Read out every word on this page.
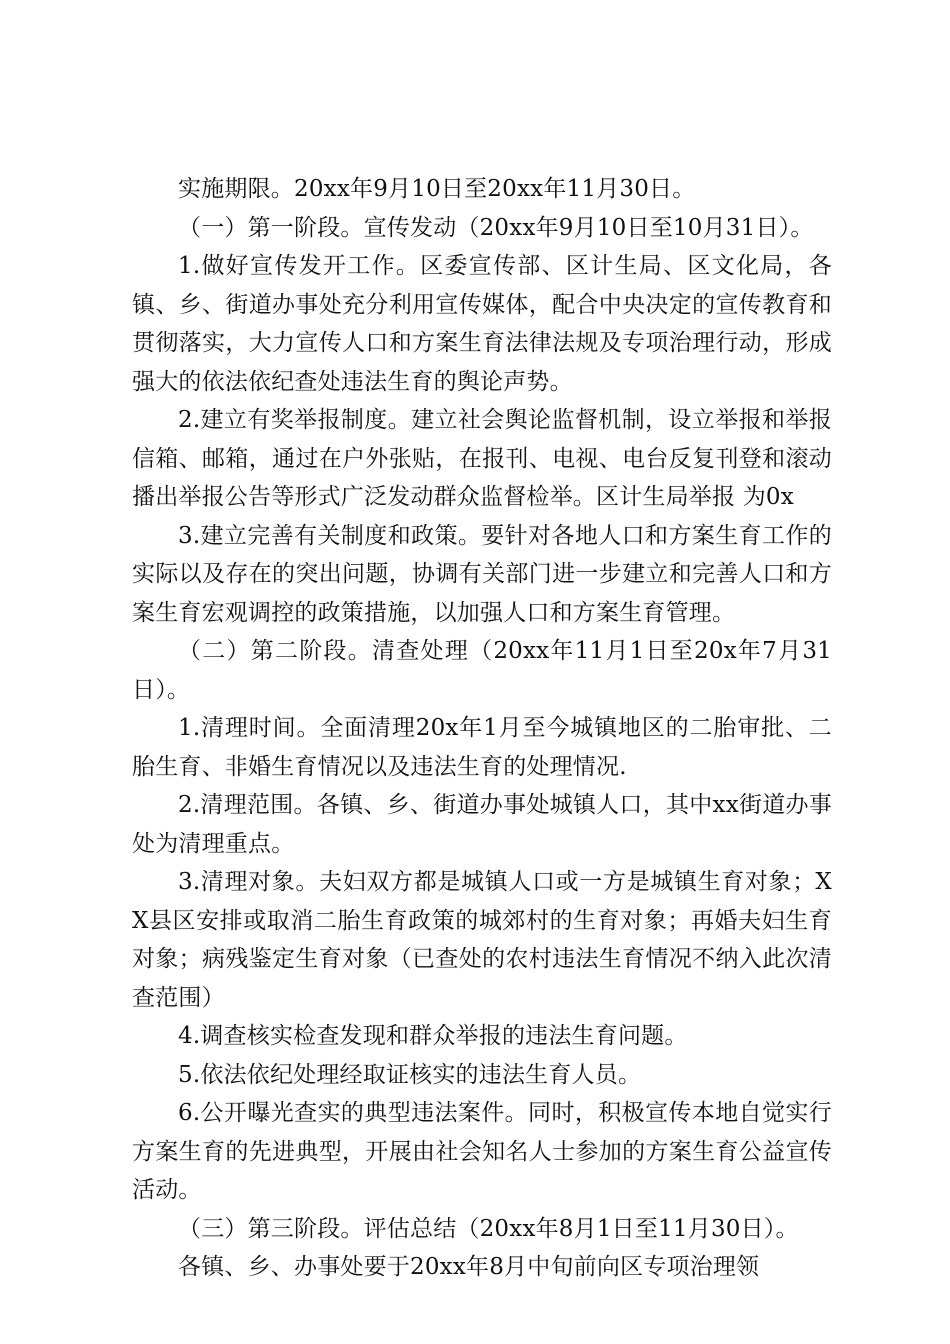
实施期限。20xx年9月10日至20xx年11月30日。

（一）第一阶段。宣传发动（20xx年9月10日至10月31日）。

1.做好宣传发开工作。区委宣传部、区计生局、区文化局，各镇、乡、街道办事处充分利用宣传媒体，配合中央决定的宣传教育和贯彻落实，大力宣传人口和方案生育法律法规及专项治理行动，形成强大的依法依纪查处违法生育的舆论声势。

2.建立有奖举报制度。建立社会舆论监督机制，设立举报和举报信箱、邮箱，通过在户外张贴，在报刊、电视、电台反复刊登和滚动播出举报公告等形式广泛发动群众监督检举。区计生局举报 为0x

3.建立完善有关制度和政策。要针对各地人口和方案生育工作的实际以及存在的突出问题，协调有关部门进一步建立和完善人口和方案生育宏观调控的政策措施，以加强人口和方案生育管理。

（二）第二阶段。清查处理（20xx年11月1日至20x年7月31日）。

1.清理时间。全面清理20x年1月至今城镇地区的二胎审批、二胎生育、非婚生育情况以及违法生育的处理情况.

2.清理范围。各镇、乡、街道办事处城镇人口，其中xx街道办事处为清理重点。

3.清理对象。夫妇双方都是城镇人口或一方是城镇生育对象；XX县区安排或取消二胎生育政策的城郊村的生育对象；再婚夫妇生育对象；病残鉴定生育对象（已查处的农村违法生育情况不纳入此次清查范围）

4.调查核实检查发现和群众举报的违法生育问题。

5.依法依纪处理经取证核实的违法生育人员。

6.公开曝光查实的典型违法案件。同时，积极宣传本地自觉实行方案生育的先进典型，开展由社会知名人士参加的方案生育公益宣传活动。

（三）第三阶段。评估总结（20xx年8月1日至11月30日）。

各镇、乡、办事处要于20xx年8月中旬前向区专项治理领
